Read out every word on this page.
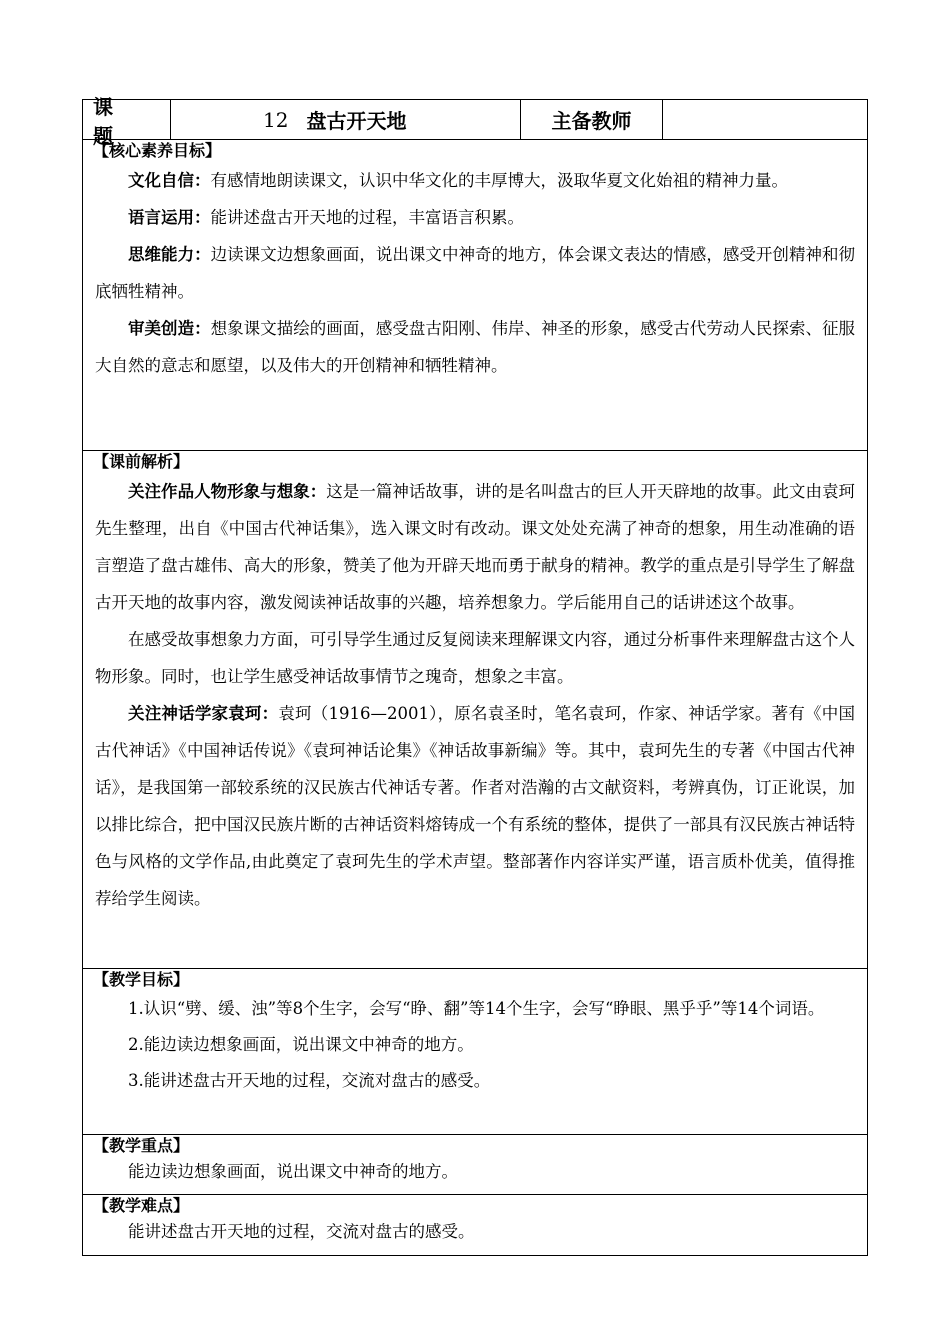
课　题
12 盘古开天地	主备教师
【核心素养目标】

文化自信：有感情地朗读课文，认识中华文化的丰厚博大，汲取华夏文化始祖的精神力量。

语言运用：能讲述盘古开天地的过程，丰富语言积累。

思维能力：边读课文边想象画面，说出课文中神奇的地方，体会课文表达的情感，感受开创精神和彻底牺牲精神。

审美创造：想象课文描绘的画面，感受盘古阳刚、伟岸、神圣的形象，感受古代劳动人民探索、征服大自然的意志和愿望，以及伟大的开创精神和牺牲精神。

【课前解析】

关注作品人物形象与想象：这是一篇神话故事，讲的是名叫盘古的巨人开天辟地的故事。此文由袁珂先生整理，出自《中国古代神话集》，选入课文时有改动。课文处处充满了神奇的想象，用生动准确的语言塑造了盘古雄伟、高大的形象，赞美了他为开辟天地而勇于献身的精神。教学的重点是引导学生了解盘古开天地的故事内容，激发阅读神话故事的兴趣，培养想象力。学后能用自己的话讲述这个故事。

在感受故事想象力方面，可引导学生通过反复阅读来理解课文内容，通过分析事件来理解盘古这个人物形象。同时，也让学生感受神话故事情节之瑰奇，想象之丰富。

关注神话学家袁珂：袁珂（1916—2001），原名袁圣时，笔名袁珂，作家、神话学家。著有《中国古代神话》《中国神话传说》《袁珂神话论集》《神话故事新编》等。其中，袁珂先生的专著《中国古代神话》，是我国第一部较系统的汉民族古代神话专著。作者对浩瀚的古文献资料，考辨真伪，订正讹误，加以排比综合，把中国汉民族片断的古神话资料熔铸成一个有系统的整体，提供了一部具有汉民族古神话特色与风格的文学作品,由此奠定了袁珂先生的学术声望。整部著作内容详实严谨，语言质朴优美，值得推荐给学生阅读。

【教学目标】

1.认识“劈、缓、浊”等8个生字，会写“睁、翻”等14个生字，会写“睁眼、黑乎乎”等14个词语。

2.能边读边想象画面，说出课文中神奇的地方。

3.能讲述盘古开天地的过程，交流对盘古的感受。

【教学重点】

能边读边想象画面，说出课文中神奇的地方。

【教学难点】

能讲述盘古开天地的过程，交流对盘古的感受。
